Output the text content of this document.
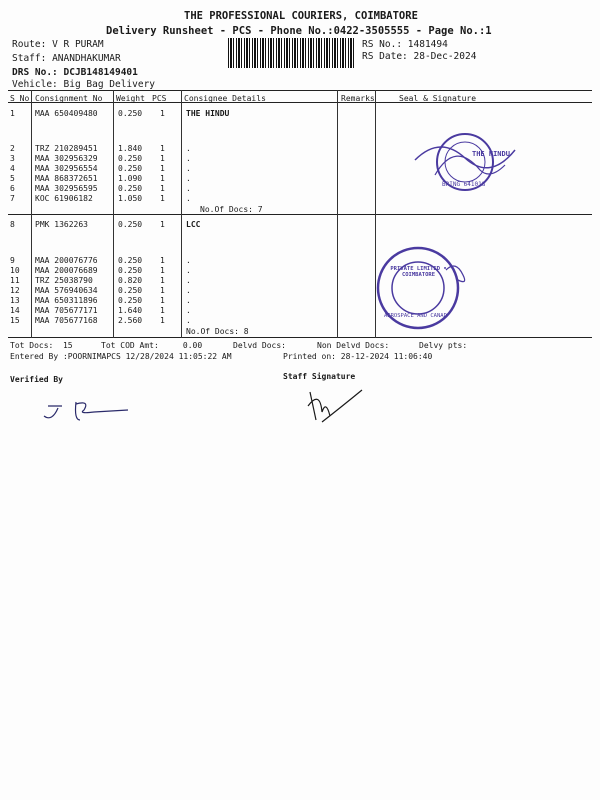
THE PROFESSIONAL COURIERS, COIMBATORE
Delivery Runsheet - PCS - Phone No.:0422-3505555 - Page No.:1
Route: V R PURAM
Staff: ANANDHAKUMAR
DRS No.: DCJB148149401
Vehicle: Big Bag Delivery
RS No.: 1481494
RS Date: 28-Dec-2024
S No Consignment No Weight PCS Consignee Details	Remarks	Seal & Signature
1	MAA 650409480	0.250 1	THE HINDU
2	TRZ 210289451	1.840 1	.
3	MAA 302956329	0.250 1	.
4	MAA 302956554	0.250 1	.
5	MAA 868372651	1.090 1	.
6	MAA 302956595	0.250 1	.
7	KOC 61906182	1.050 1	.
No.Of Docs: 7
8	PMK 1362263	0.250 1	LCC
9	MAA 200076776	0.250 1	.
10 MAA 200076689	0.250 1	.
11 TRZ 25038790	0.820 1	.
12 MAA 576940634	0.250 1	.
13 MAA 650311896	0.250 1	.
14 MAA 705677171	1.640 1	.
15 MAA 705677168	2.560 1	.
No.Of Docs: 8
THE HINDU
BRING 641018
PRIVATE LIMITED • COIMBATORE
AEROSPACE AND CANAD
Tot Docs:  15	Tot COD Amt:     0.00	Delvd Docs:	Non Delvd Docs:	Delvy pts:
Entered By :POORNIMAPCS 12/28/2024 11:05:22 AM	Printed on: 28-12-2024 11:06:40
Verified By	Staff Signature
